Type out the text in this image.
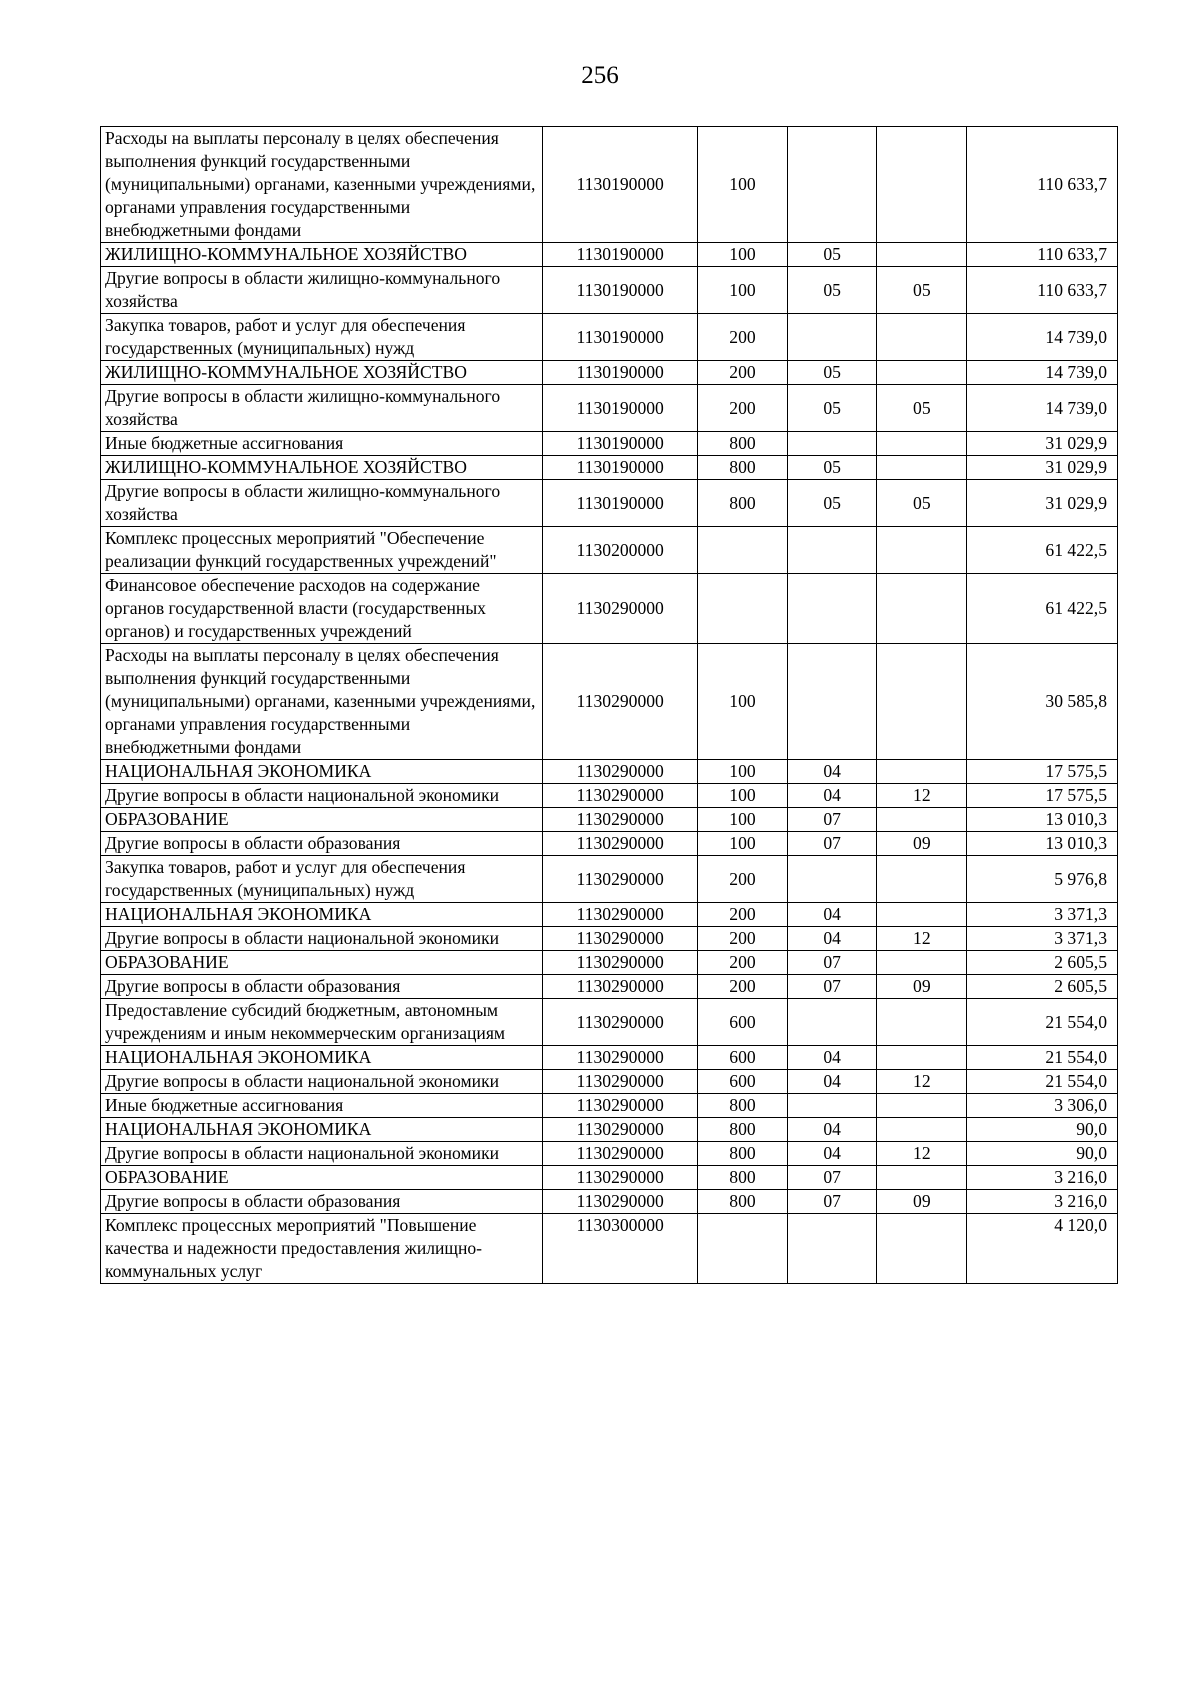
256
Расходы на выплаты персоналу в целях обеспечения выполнения функций государственными (муниципальными) органами, казенными учреждениями, органами управления государственными внебюджетными фондами	1130190000	100			110 633,7
ЖИЛИЩНО-КОММУНАЛЬНОЕ ХОЗЯЙСТВО	1130190000	100	05		110 633,7
Другие вопросы в области жилищно-коммунального хозяйства	1130190000	100	05	05	110 633,7
Закупка товаров, работ и услуг для обеспечения государственных (муниципальных) нужд	1130190000	200			14 739,0
ЖИЛИЩНО-КОММУНАЛЬНОЕ ХОЗЯЙСТВО	1130190000	200	05		14 739,0
Другие вопросы в области жилищно-коммунального хозяйства	1130190000	200	05	05	14 739,0
Иные бюджетные ассигнования	1130190000	800			31 029,9
ЖИЛИЩНО-КОММУНАЛЬНОЕ ХОЗЯЙСТВО	1130190000	800	05		31 029,9
Другие вопросы в области жилищно-коммунального хозяйства	1130190000	800	05	05	31 029,9
Комплекс процессных мероприятий "Обеспечение реализации функций государственных учреждений"	1130200000				61 422,5
Финансовое обеспечение расходов на содержание органов государственной власти (государственных органов) и государственных учреждений	1130290000				61 422,5
Расходы на выплаты персоналу в целях обеспечения выполнения функций государственными (муниципальными) органами, казенными учреждениями, органами управления государственными внебюджетными фондами	1130290000	100			30 585,8
НАЦИОНАЛЬНАЯ ЭКОНОМИКА	1130290000	100	04		17 575,5
Другие вопросы в области национальной экономики	1130290000	100	04	12	17 575,5
ОБРАЗОВАНИЕ	1130290000	100	07		13 010,3
Другие вопросы в области образования	1130290000	100	07	09	13 010,3
Закупка товаров, работ и услуг для обеспечения государственных (муниципальных) нужд	1130290000	200			5 976,8
НАЦИОНАЛЬНАЯ ЭКОНОМИКА	1130290000	200	04		3 371,3
Другие вопросы в области национальной экономики	1130290000	200	04	12	3 371,3
ОБРАЗОВАНИЕ	1130290000	200	07		2 605,5
Другие вопросы в области образования	1130290000	200	07	09	2 605,5
Предоставление субсидий бюджетным, автономным учреждениям и иным некоммерческим организациям	1130290000	600			21 554,0
НАЦИОНАЛЬНАЯ ЭКОНОМИКА	1130290000	600	04		21 554,0
Другие вопросы в области национальной экономики	1130290000	600	04	12	21 554,0
Иные бюджетные ассигнования	1130290000	800			3 306,0
НАЦИОНАЛЬНАЯ ЭКОНОМИКА	1130290000	800	04		90,0
Другие вопросы в области национальной экономики	1130290000	800	04	12	90,0
ОБРАЗОВАНИЕ	1130290000	800	07		3 216,0
Другие вопросы в области образования	1130290000	800	07	09	3 216,0
Комплекс процессных мероприятий "Повышение качества и надежности предоставления жилищно-коммунальных услуг	1130300000				4 120,0
